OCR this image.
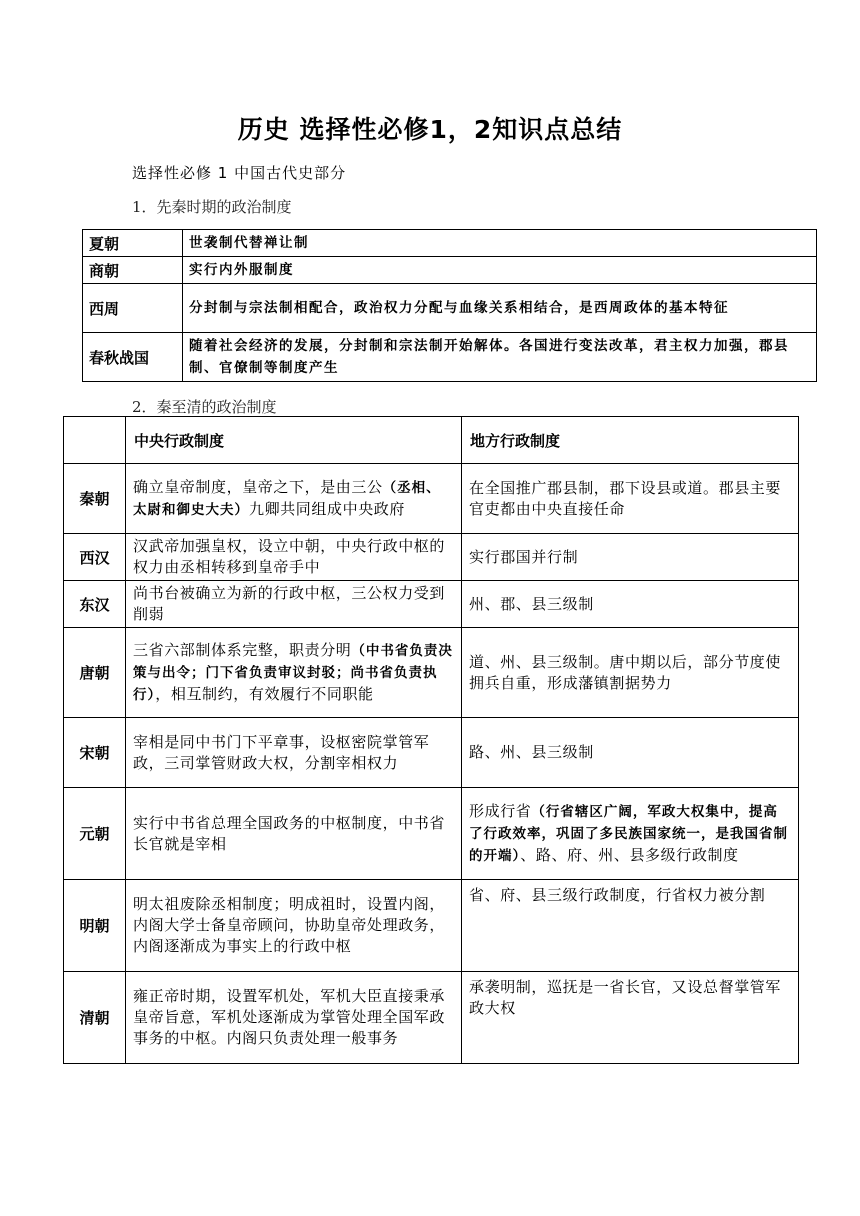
历史 选择性必修1，2知识点总结
选择性必修 1 中国古代史部分
1．先秦时期的政治制度
夏朝	世袭制代替禅让制
商朝	实行内外服制度
西周	分封制与宗法制相配合，政治权力分配与血缘关系相结合，是西周政体的基本特征
春秋战国	随着社会经济的发展，分封制和宗法制开始解体。各国进行变法改革，君主权力加强，郡县制、官僚制等制度产生
2．秦至清的政治制度
	中央行政制度	地方行政制度
秦朝	确立皇帝制度，皇帝之下，是由三公（丞相、太尉和御史大夫）九卿共同组成中央政府	在全国推广郡县制，郡下设县或道。郡县主要官吏都由中央直接任命
西汉	汉武帝加强皇权，设立中朝，中央行政中枢的权力由丞相转移到皇帝手中	实行郡国并行制
东汉	尚书台被确立为新的行政中枢，三公权力受到削弱	州、郡、县三级制
唐朝	三省六部制体系完整，职责分明（中书省负责决策与出令；门下省负责审议封驳；尚书省负责执行），相互制约，有效履行不同职能	道、州、县三级制。唐中期以后，部分节度使拥兵自重，形成藩镇割据势力
宋朝	宰相是同中书门下平章事，设枢密院掌管军政，三司掌管财政大权，分割宰相权力	路、州、县三级制
元朝	实行中书省总理全国政务的中枢制度，中书省长官就是宰相	形成行省（行省辖区广阔，军政大权集中，提高了行政效率，巩固了多民族国家统一，是我国省制的开端）、路、府、州、县多级行政制度
明朝	明太祖废除丞相制度；明成祖时，设置内阁，内阁大学士备皇帝顾问，协助皇帝处理政务，内阁逐渐成为事实上的行政中枢	省、府、县三级行政制度，行省权力被分割
清朝	雍正帝时期，设置军机处，军机大臣直接秉承皇帝旨意，军机处逐渐成为掌管处理全国军政事务的中枢。内阁只负责处理一般事务	承袭明制，巡抚是一省长官，又设总督掌管军政大权
